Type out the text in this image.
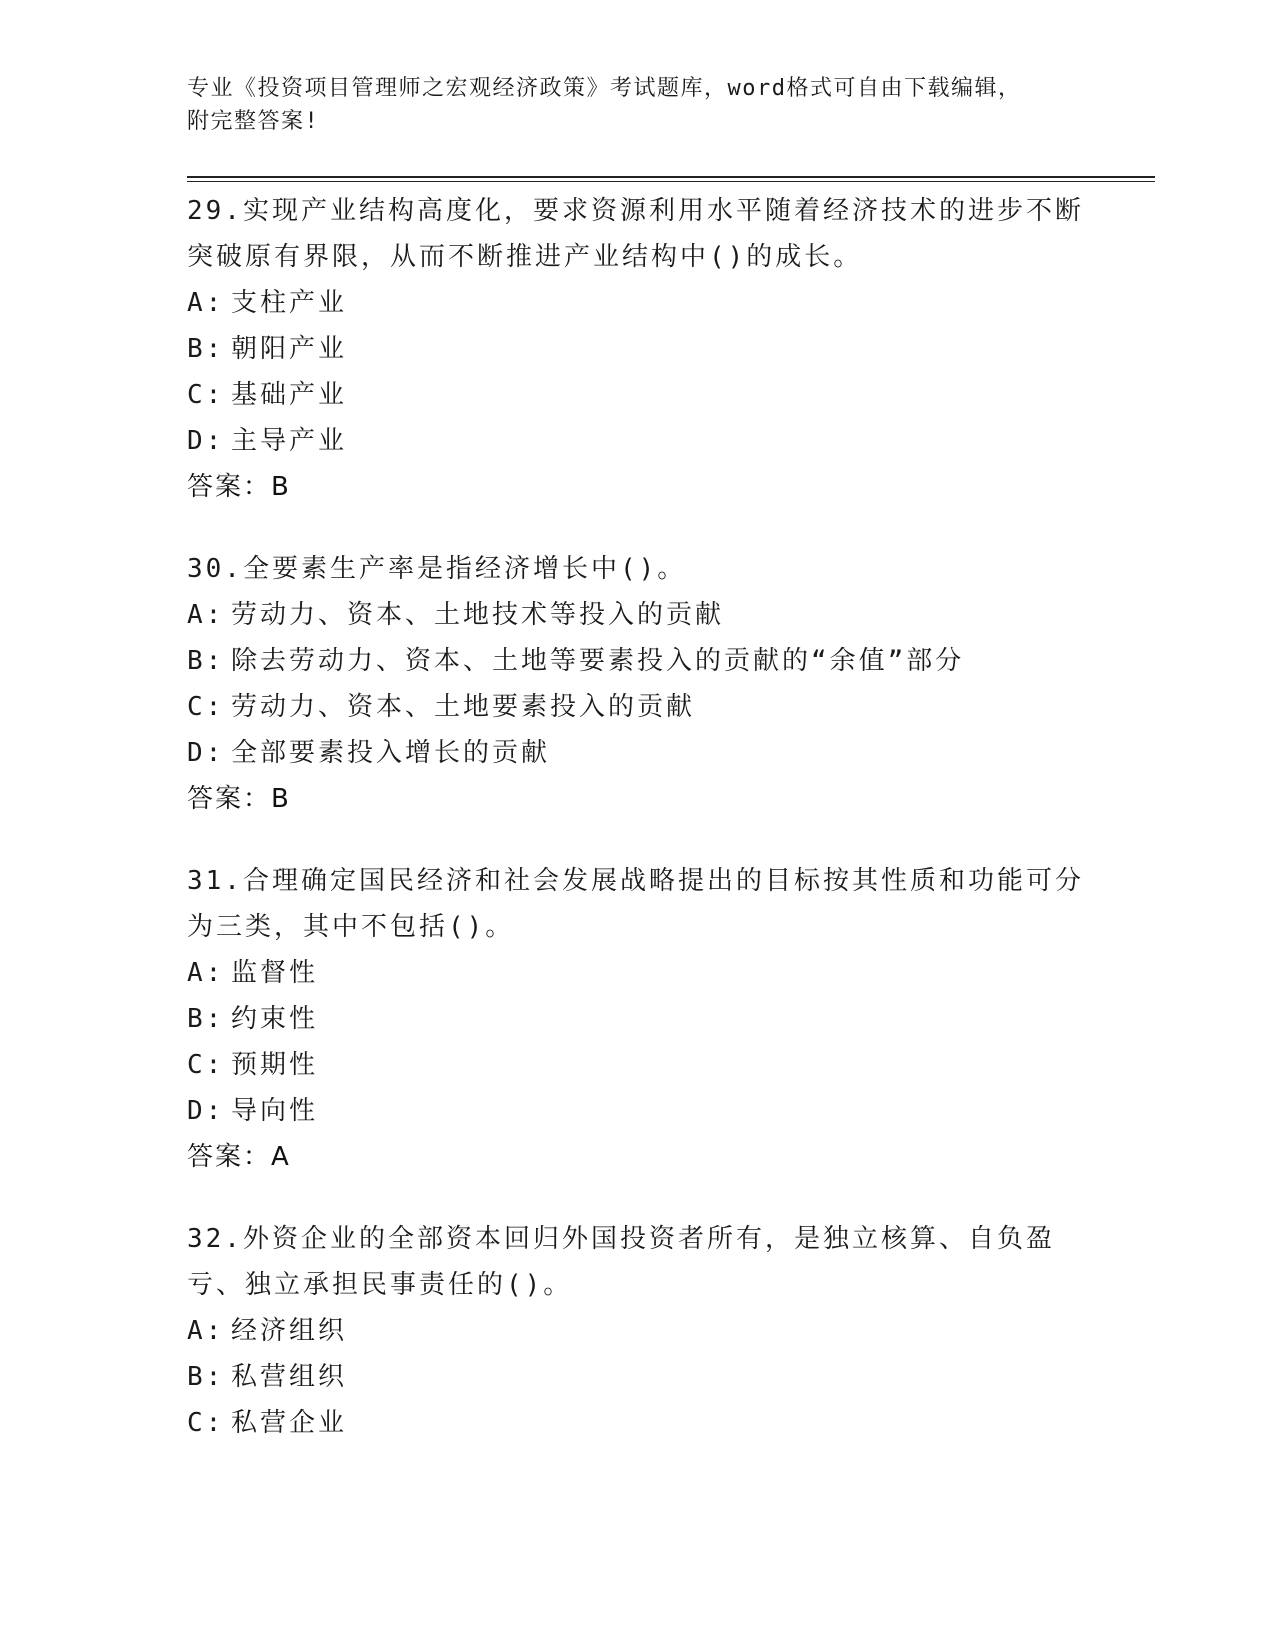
专业《投资项目管理师之宏观经济政策》考试题库，word格式可自由下载编辑，
附完整答案!

29.实现产业结构高度化，要求资源利用水平随着经济技术的进步不断突破原有界限，从而不断推进产业结构中()的成长。

A: 支柱产业
B: 朝阳产业
C: 基础产业
D: 主导产业
答案：B

30.全要素生产率是指经济增长中()。

A: 劳动力、资本、土地技术等投入的贡献
B: 除去劳动力、资本、土地等要素投入的贡献的“余值”部分
C: 劳动力、资本、土地要素投入的贡献
D: 全部要素投入增长的贡献
答案：B

31.合理确定国民经济和社会发展战略提出的目标按其性质和功能可分为三类，其中不包括()。

A: 监督性
B: 约束性
C: 预期性
D: 导向性
答案：A

32.外资企业的全部资本回归外国投资者所有，是独立核算、自负盈亏、独立承担民事责任的()。

A: 经济组织
B: 私营组织
C: 私营企业
